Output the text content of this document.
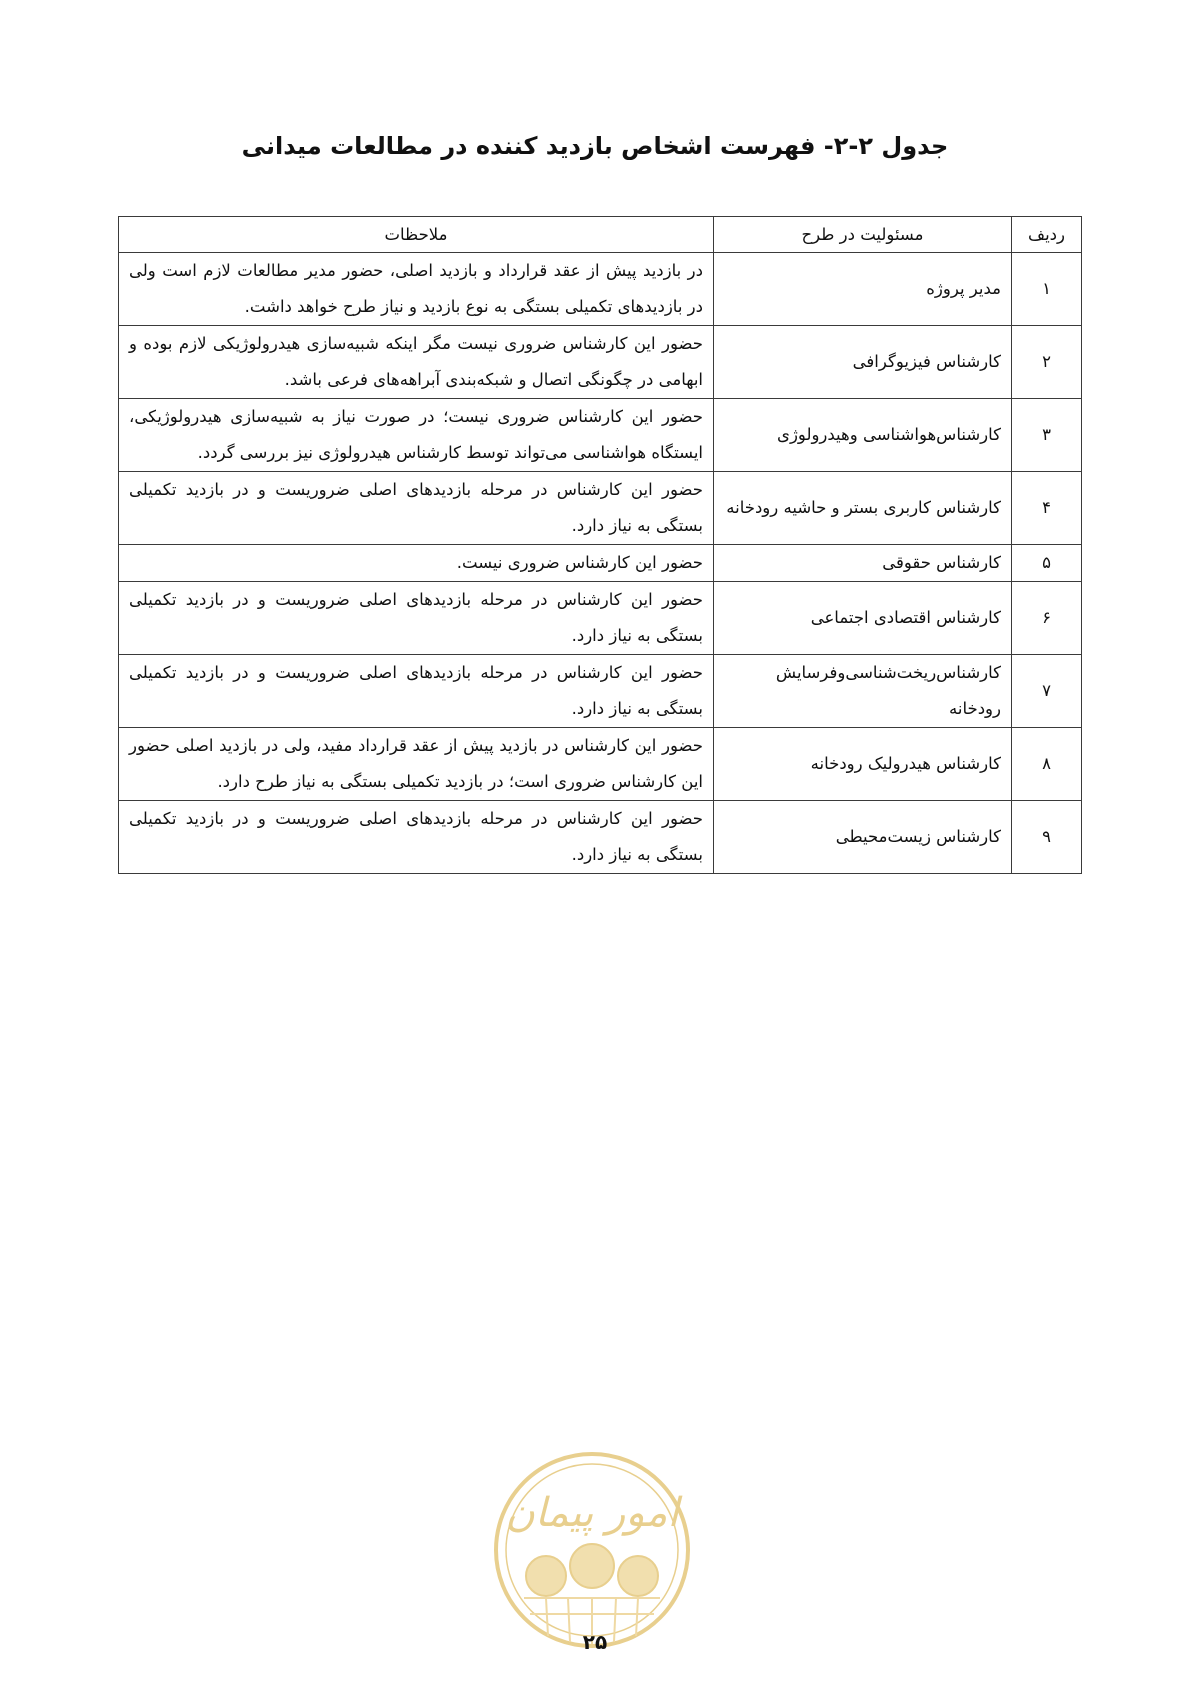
جدول ۲-۲- فهرست اشخاص بازدید کننده در مطالعات میدانی
ردیف	مسئولیت در طرح	ملاحظات
۱	مدیر پروژه	در بازدید پیش از عقد قرارداد و بازدید اصلی، حضور مدیر مطالعات لازم است ولی در بازدیدهای تکمیلی بستگی به نوع بازدید و نیاز طرح خواهد داشت.
۲	کارشناس فیزیوگرافی	حضور این کارشناس ضروری نیست مگر اینکه شبیه‌سازی هیدرولوژیکی لازم بوده و ابهامی در چگونگی اتصال و شبکه‌بندی آبراهه‌های فرعی باشد.
۳	کارشناس‌هواشناسی وهیدرولوژی	حضور این کارشناس ضروری نیست؛ در صورت نیاز به شبیه‌سازی هیدرولوژیکی، ایستگاه هواشناسی می‌تواند توسط کارشناس هیدرولوژی نیز بررسی گردد.
۴	کارشناس کاربری بستر و حاشیه رودخانه	حضور این کارشناس در مرحله بازدیدهای اصلی ضروریست و در بازدید تکمیلی بستگی به نیاز دارد.
۵	کارشناس حقوقی	حضور این کارشناس ضروری نیست.
۶	کارشناس اقتصادی اجتماعی	حضور این کارشناس در مرحله بازدیدهای اصلی ضروریست و در بازدید تکمیلی بستگی به نیاز دارد.
۷	کارشناس‌ریخت‌شناسی‌وفرسایش رودخانه	حضور این کارشناس در مرحله بازدیدهای اصلی ضروریست و در بازدید تکمیلی بستگی به نیاز دارد.
۸	کارشناس هیدرولیک رودخانه	حضور این کارشناس در بازدید پیش از عقد قرارداد مفید، ولی در بازدید اصلی حضور این کارشناس ضروری است؛ در بازدید تکمیلی بستگی به نیاز طرح دارد.
۹	کارشناس زیست‌محیطی	حضور این کارشناس در مرحله بازدیدهای اصلی ضروریست و در بازدید تکمیلی بستگی به نیاز دارد.
امور پیمان
۲۵
